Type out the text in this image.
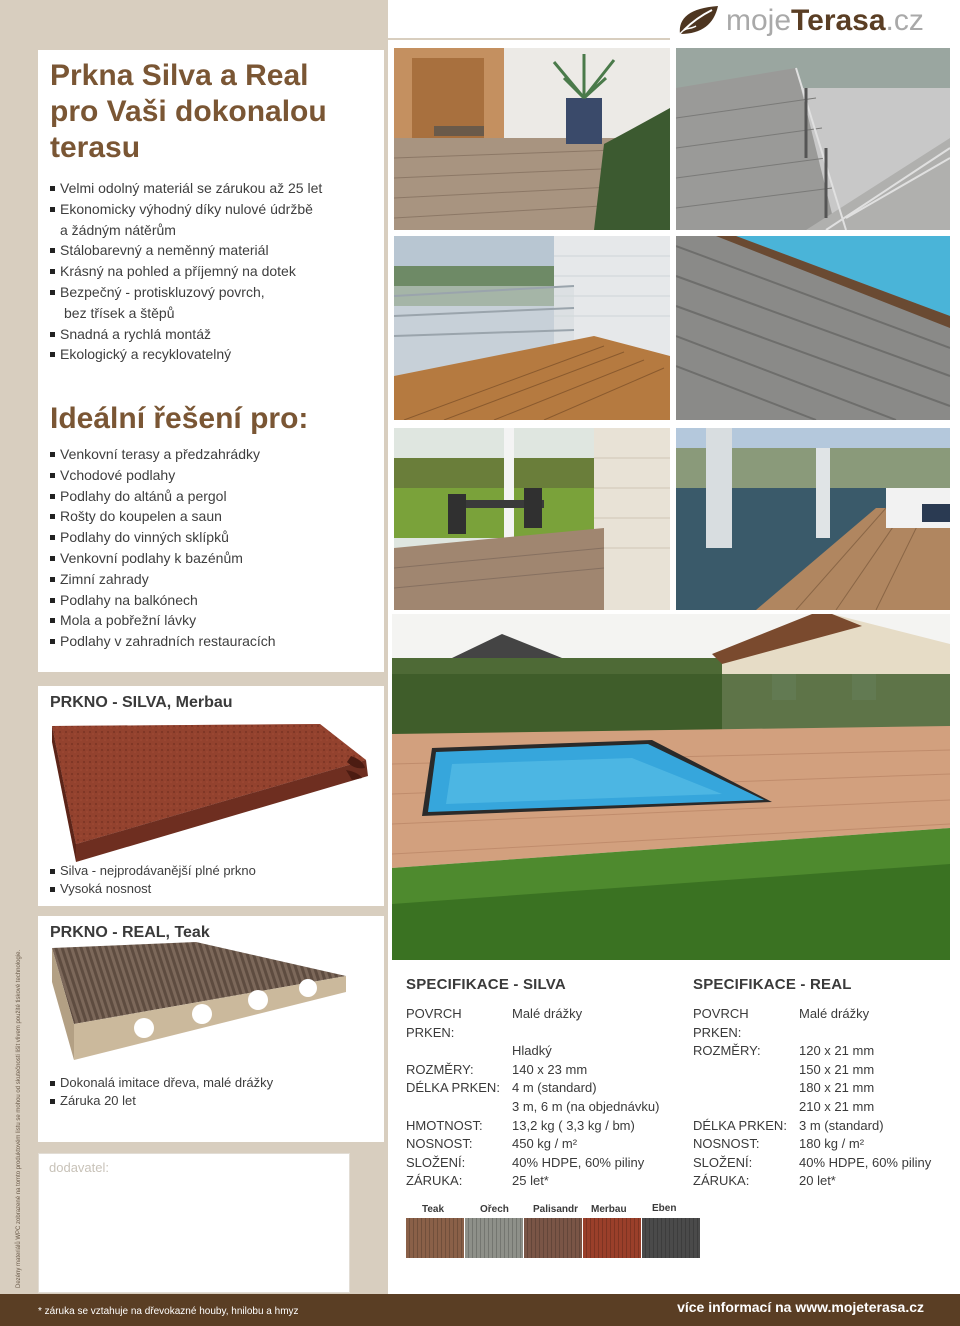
Dezény materiálů WPC zobrazené na tomto produktovém listu se mohou od skutečnosti lišit vlivem použité tiskové technologie.
Prkna Silva a Real
pro Vaši dokonalou
terasu
Velmi odolný materiál se zárukou až 25 let
Ekonomicky výhodný díky nulové údržbě
a žádným nátěrům
Stálobarevný a neměnný materiál
Krásný na pohled a příjemný na dotek
Bezpečný - protiskluzový povrch,
bez třísek a štěpů
Snadná a rychlá montáž
Ekologický a recyklovatelný
Ideální řešení pro:
Venkovní terasy a předzahrádky
Vchodové podlahy
Podlahy do altánů a pergol
Rošty do koupelen a saun
Podlahy do vinných sklípků
Venkovní podlahy k bazénům
Zimní zahrady
Podlahy na balkónech
Mola a pobřežní lávky
Podlahy v zahradních restauracích
PRKNO - SILVA, Merbau
Silva - nejprodávanější plné prkno
Vysoká nosnost
PRKNO - REAL, Teak
Dokonalá imitace dřeva, malé drážky
Záruka 20 let
dodavatel:
mojeTerasa.cz
SPECIFIKACE - SILVA
POVRCH PRKEN:
Malé drážky
Hladký
ROZMĚRY:	140 x 23 mm
DÉLKA PRKEN: 4 m (standard)
3 m, 6 m (na objednávku)
HMOTNOST:	13,2 kg ( 3,3 kg / bm)
NOSNOST:	450 kg / m²
SLOŽENÍ:	40% HDPE, 60% piliny
ZÁRUKA:	25 let*
SPECIFIKACE - REAL
POVRCH PRKEN:
Malé drážky
ROZMĚRY:	120 x 21 mm
150 x 21 mm
180 x 21 mm
210 x 21 mm
DÉLKA PRKEN: 3 m (standard)
NOSNOST:	180 kg / m²
SLOŽENÍ:	40% HDPE, 60% piliny
ZÁRUKA:	20 let*
Teak	Ořech Palisandr Merbau	Eben
* záruka se vztahuje na dřevokazné houby, hnilobu a hmyz	více informací na www.mojeterasa.cz
